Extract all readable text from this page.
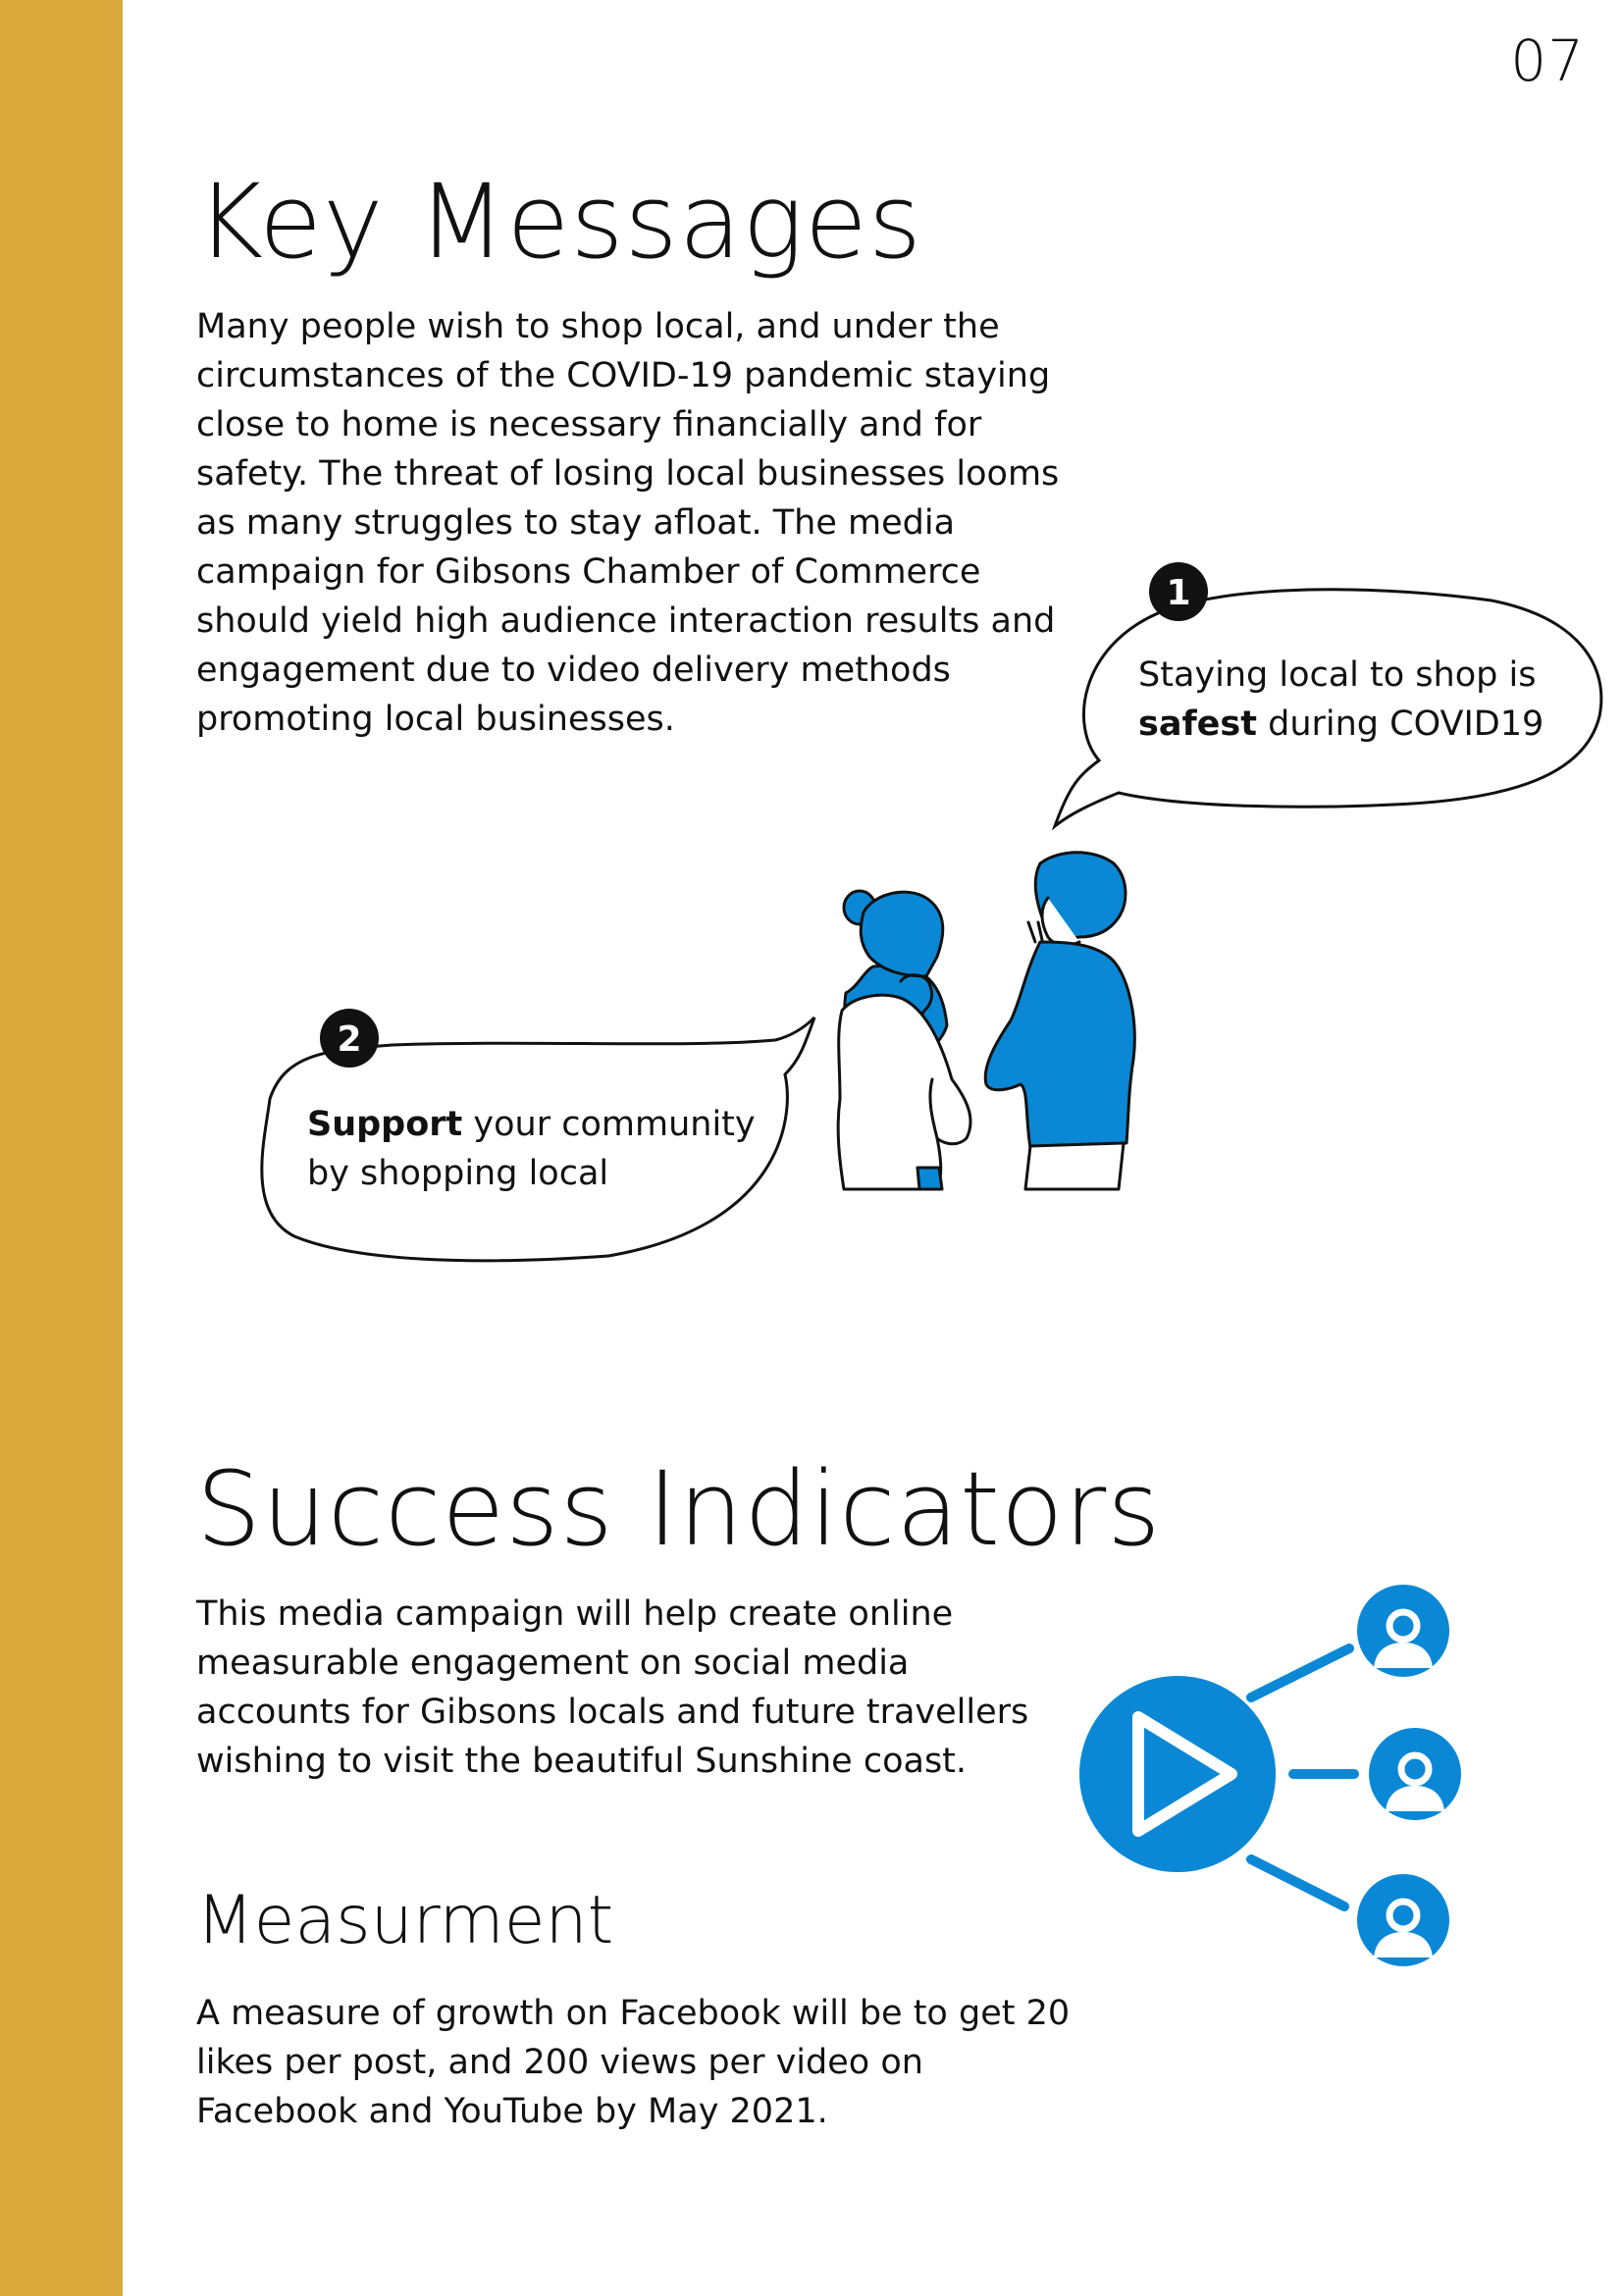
07
Key Messages

Many people wish to shop local, and under the circumstances of the COVID-19 pandemic staying close to home is necessary financially and for safety. The threat of losing local businesses looms as many struggles to stay afloat. The media campaign for Gibsons Chamber of Commerce should yield high audience interaction results and engagement due to video delivery methods promoting local businesses.

1
2

Staying local to shop is
safest during COVID19

Support your community by shopping local

Success Indicators

This media campaign will help create online measurable engagement on social media accounts for Gibsons locals and future travellers wishing to visit the beautiful Sunshine coast.

Measurment

A measure of growth on Facebook will be to get 20 likes per post, and 200 views per video on Facebook and YouTube by May 2021.
